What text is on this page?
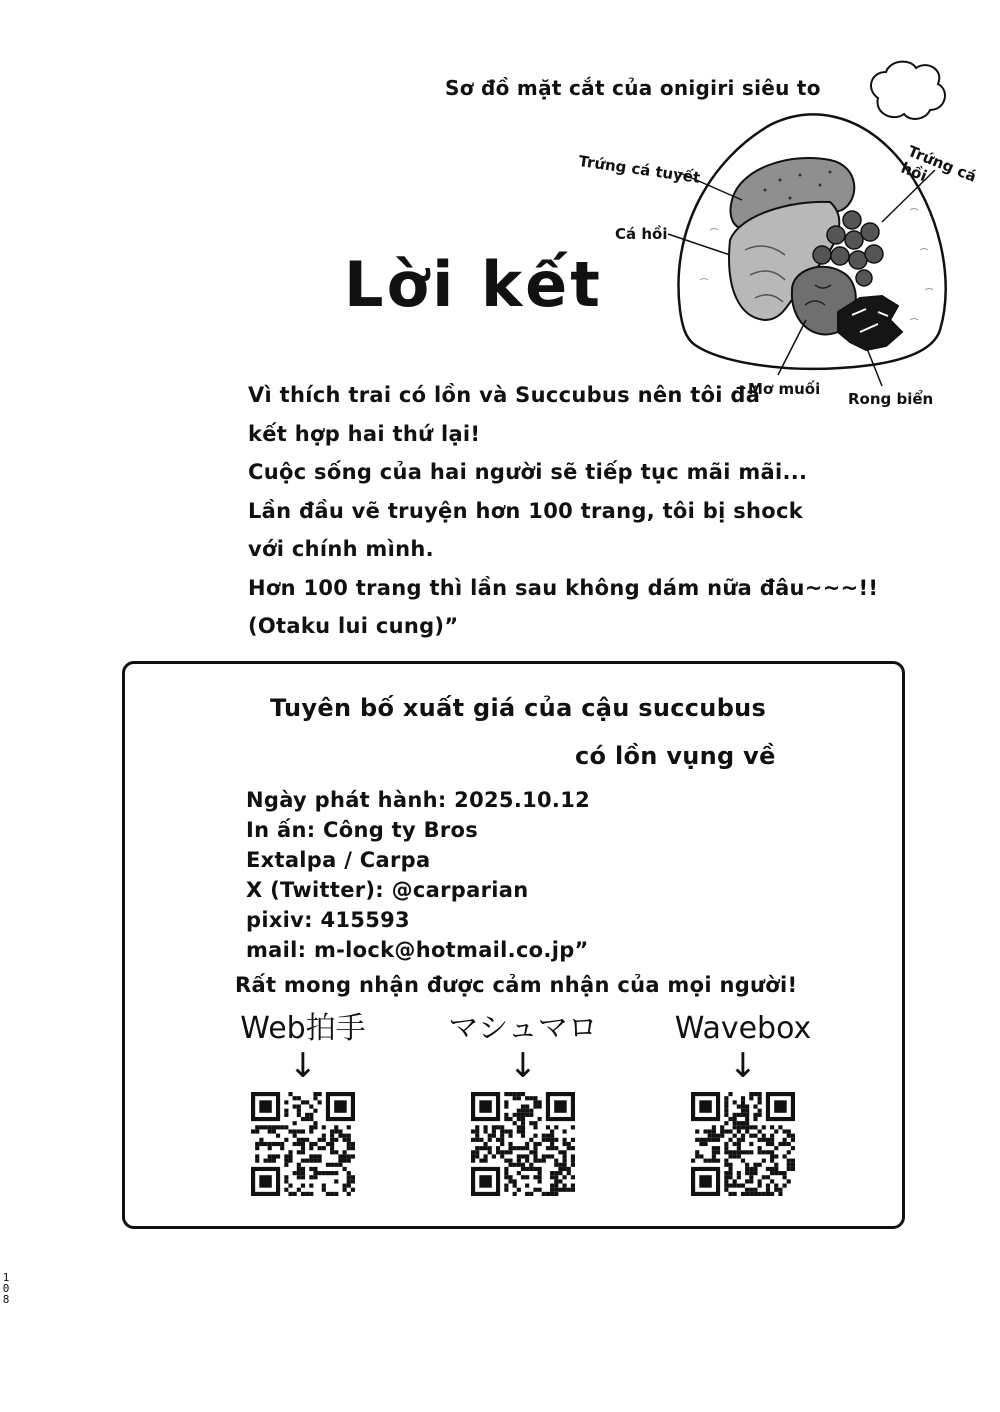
Sơ đồ mặt cắt của onigiri siêu to
Trứng cá tuyết	Trứng cá hồi
Cá hồi
Mơ muối
Rong biển
Lời kết
Vì thích trai có lồn và Succubus nên tôi đã
kết hợp hai thứ lại!
Cuộc sống của hai người sẽ tiếp tục mãi mãi...
Lần đầu vẽ truyện hơn 100 trang, tôi bị shock
với chính mình.
Hơn 100 trang thì lần sau không dám nữa đâu~~~!!
(Otaku lui cung)”
Tuyên bố xuất giá của cậu succubus
có lồn vụng về
Ngày phát hành: 2025.10.12
In ấn: Công ty Bros
Extalpa / Carpa
X (Twitter): @carparian
pixiv: 415593
mail: m-lock@hotmail.co.jp”
Rất mong nhận được cảm nhận của mọi người!
Web拍手
↓
マシュマロ
↓
Wavebox
↓
108
